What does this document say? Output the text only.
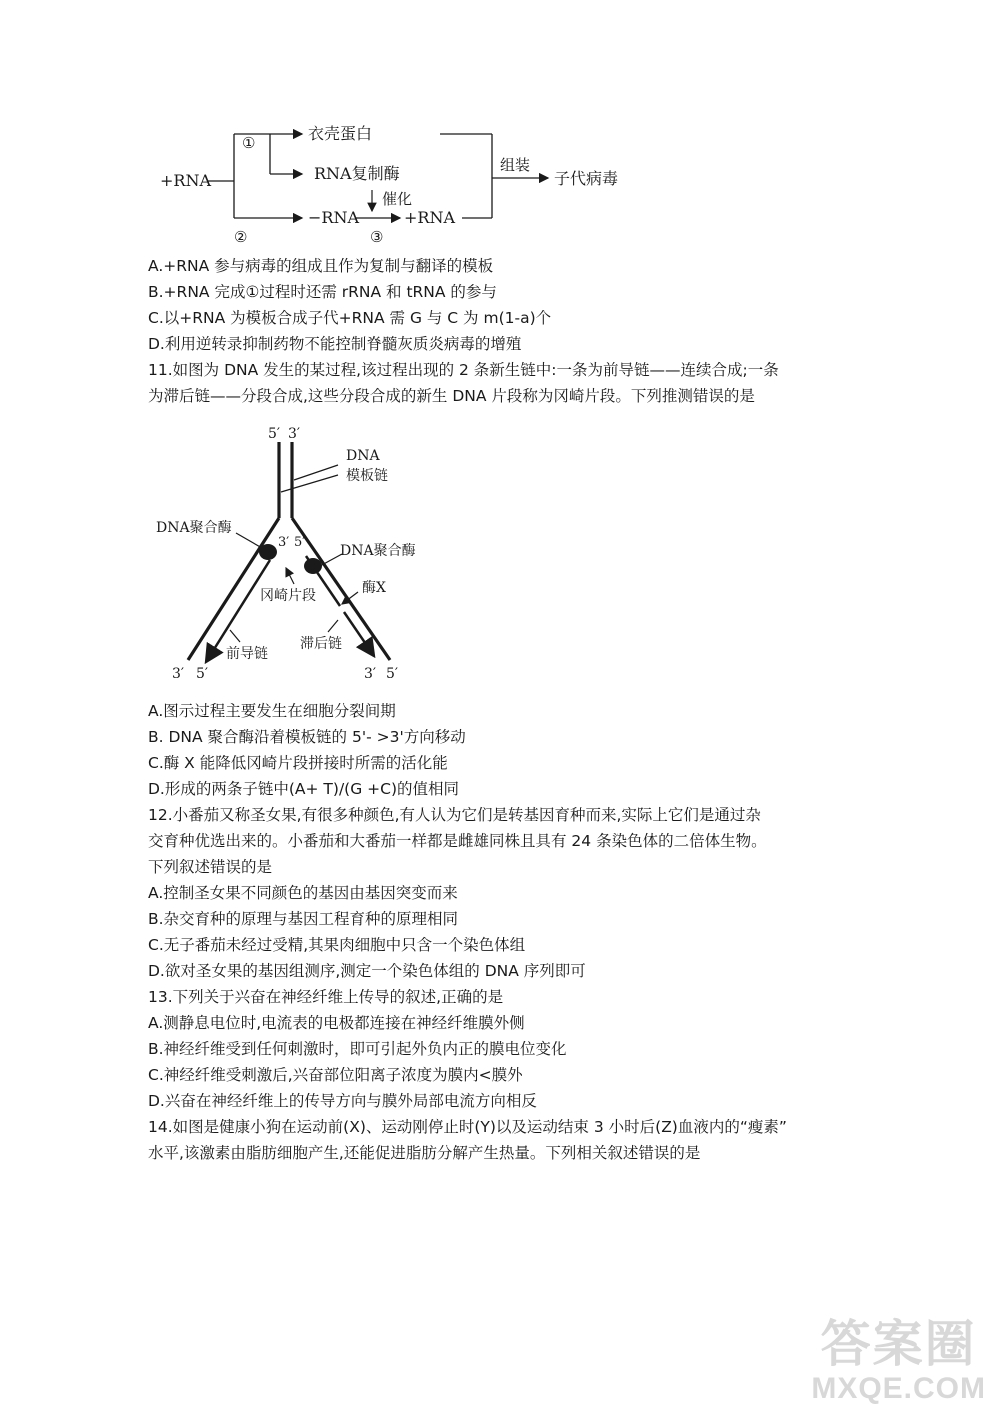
+RNA
①	衣壳蛋白
RNA复制酶
②
−RNA
催化
③
+RNA
组装
子代病毒
A.+RNA 参与病毒的组成且作为复制与翻译的模板
B.+RNA 完成①过程时还需 rRNA 和 tRNA 的参与
C.以+RNA 为模板合成子代+RNA 需 G 与 C 为 m(1-a)个
D.利用逆转录抑制药物不能控制脊髓灰质炎病毒的增殖
11.如图为 DNA 发生的某过程,该过程出现的 2 条新生链中:一条为前导链——连续合成;一条
为滞后链——分段合成,这些分段合成的新生 DNA 片段称为冈崎片段。下列推测错误的是
5′ 3′
DNA
模板链
DNA聚合酶
3′ 5′
DNA聚合酶
冈崎片段	酶X
前导链
滞后链
3′ 5′	3′ 5′
A.图示过程主要发生在细胞分裂间期
B. DNA 聚合酶沿着模板链的 5'- >3'方向移动
C.酶 X 能降低冈崎片段拼接时所需的活化能
D.形成的两条子链中(A+ T)/(G +C)的值相同
12.小番茄又称圣女果,有很多种颜色,有人认为它们是转基因育种而来,实际上它们是通过杂
交育种优选出来的。小番茄和大番茄一样都是雌雄同株且具有 24 条染色体的二倍体生物。
下列叙述错误的是
A.控制圣女果不同颜色的基因由基因突变而来
B.杂交育种的原理与基因工程育种的原理相同
C.无子番茄未经过受精,其果肉细胞中只含一个染色体组
D.欲对圣女果的基因组测序,测定一个染色体组的 DNA 序列即可
13.下列关于兴奋在神经纤维上传导的叙述,正确的是
A.测静息电位时,电流表的电极都连接在神经纤维膜外侧
B.神经纤维受到任何刺激时，即可引起外负内正的膜电位变化
C.神经纤维受刺激后,兴奋部位阳离子浓度为膜内<膜外
D.兴奋在神经纤维上的传导方向与膜外局部电流方向相反
14.如图是健康小狗在运动前(X)、运动刚停止时(Y)以及运动结束 3 小时后(Z)血液内的“瘦素”
水平,该激素由脂肪细胞产生,还能促进脂肪分解产生热量。下列相关叙述错误的是
答案圈
MXQE.COM
